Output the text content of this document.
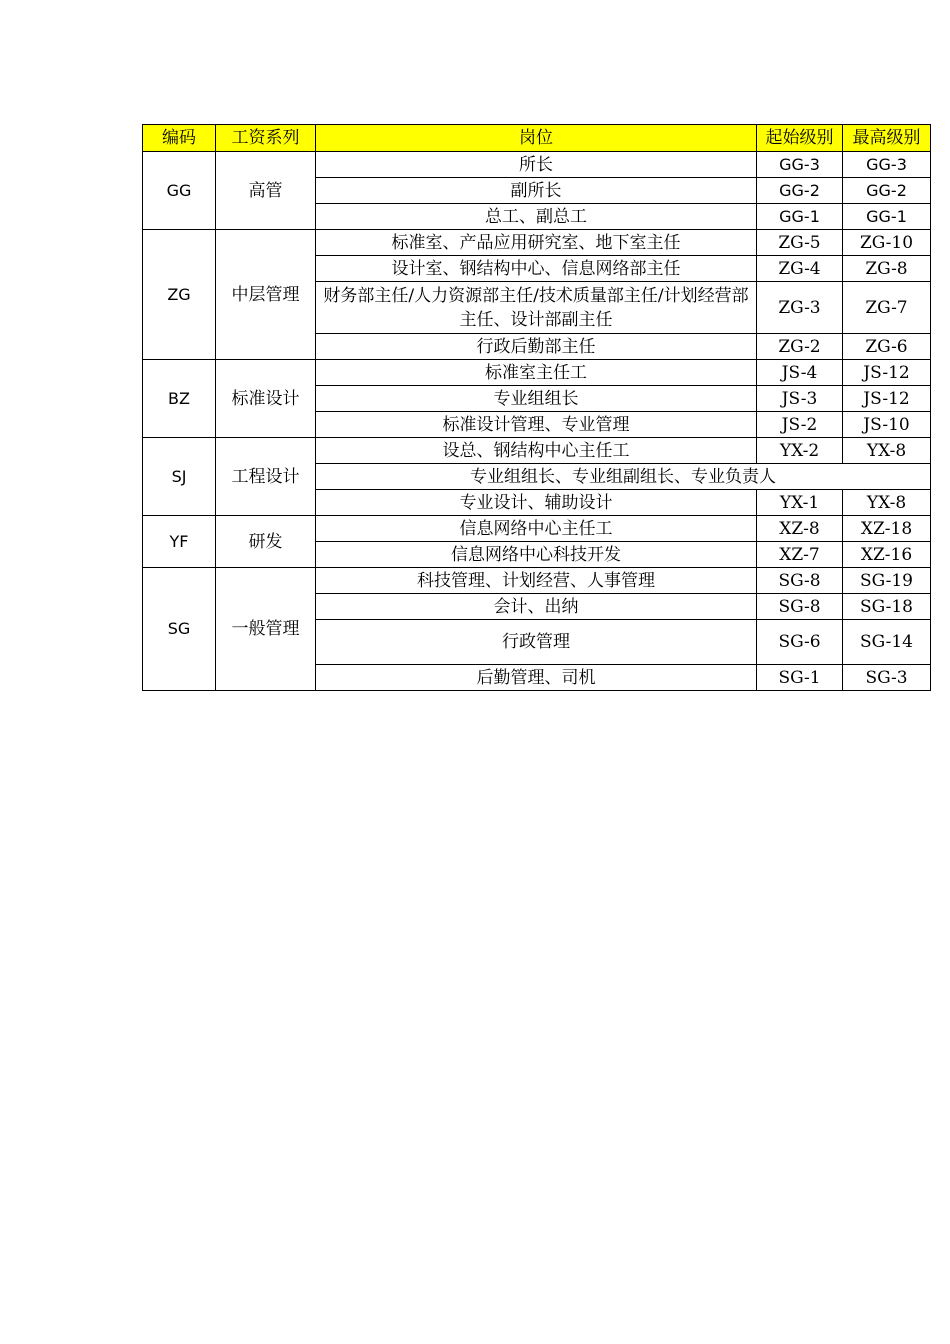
编码	工资系列	岗位	起始级别	最高级别
GG	高管	所长	GG-3	GG-3
		副所长	GG-2	GG-2
		总工、副总工	GG-1	GG-1
ZG	中层管理	标准室、产品应用研究室、地下室主任	ZG-5	ZG-10
		设计室、钢结构中心、信息网络部主任	ZG-4	ZG-8
		财务部主任/人力资源部主任/技术质量部主任/计划经营部主任、设计部副主任	ZG-3	ZG-7
		行政后勤部主任	ZG-2	ZG-6
BZ	标准设计	标准室主任工	JS-4	JS-12
		专业组组长	JS-3	JS-12
		标准设计管理、专业管理	JS-2	JS-10
SJ	工程设计	设总、钢结构中心主任工	YX-2	YX-8
		专业组组长、专业组副组长、专业负责人		
		专业设计、辅助设计	YX-1	YX-8
YF	研发	信息网络中心主任工	XZ-8	XZ-18
		信息网络中心科技开发	XZ-7	XZ-16
SG	一般管理	科技管理、计划经营、人事管理	SG-8	SG-19
		会计、出纳	SG-8	SG-18
		行政管理	SG-6	SG-14
		后勤管理、司机	SG-1	SG-3
